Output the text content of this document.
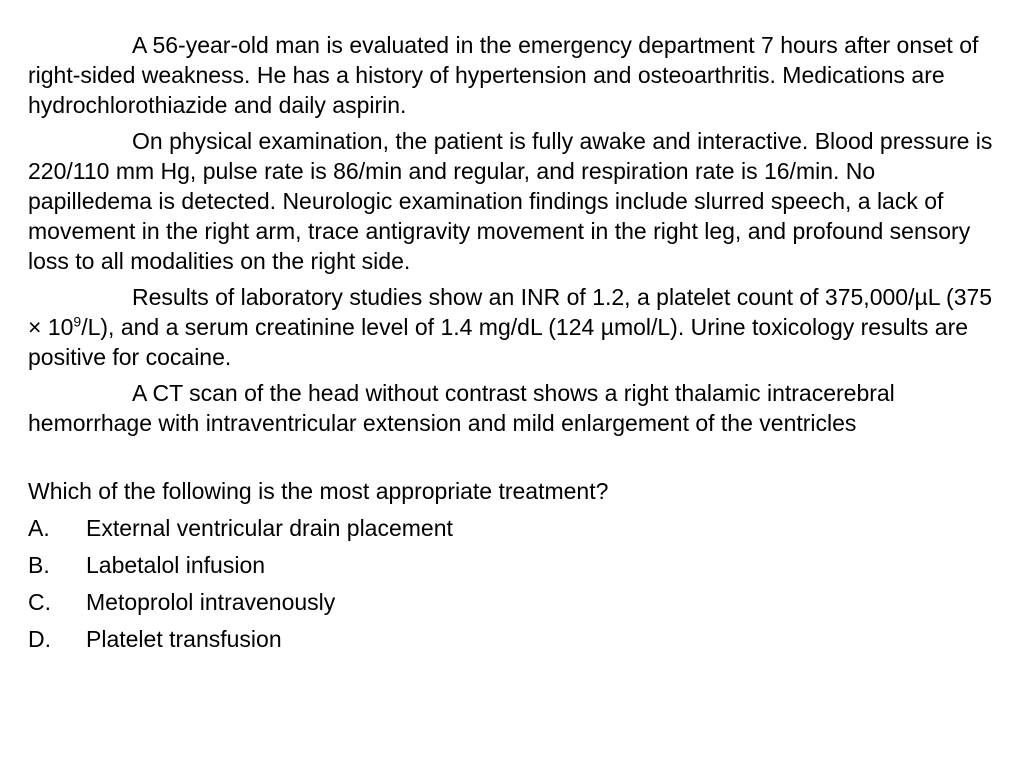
A 56-year-old man is evaluated in the emergency department 7 hours after onset of right-sided weakness. He has a history of hypertension and osteoarthritis. Medications are hydrochlorothiazide and daily aspirin.

On physical examination, the patient is fully awake and interactive. Blood pressure is 220/110 mm Hg, pulse rate is 86/min and regular, and respiration rate is 16/min. No papilledema is detected. Neurologic examination findings include slurred speech, a lack of movement in the right arm, trace antigravity movement in the right leg, and profound sensory loss to all modalities on the right side.

Results of laboratory studies show an INR of 1.2, a platelet count of 375,000/µL $(375 \times 10^9/L)$, and a serum creatinine level of 1.4 mg/dL (124 µmol/L). Urine toxicology results are positive for cocaine.

A CT scan of the head without contrast shows a right thalamic intracerebral hemorrhage with intraventricular extension and mild enlargement of the ventricles

Which of the following is the most appropriate treatment?

A.	External ventricular drain placement
B.	Labetalol infusion
C.	Metoprolol intravenously
D.	Platelet transfusion
